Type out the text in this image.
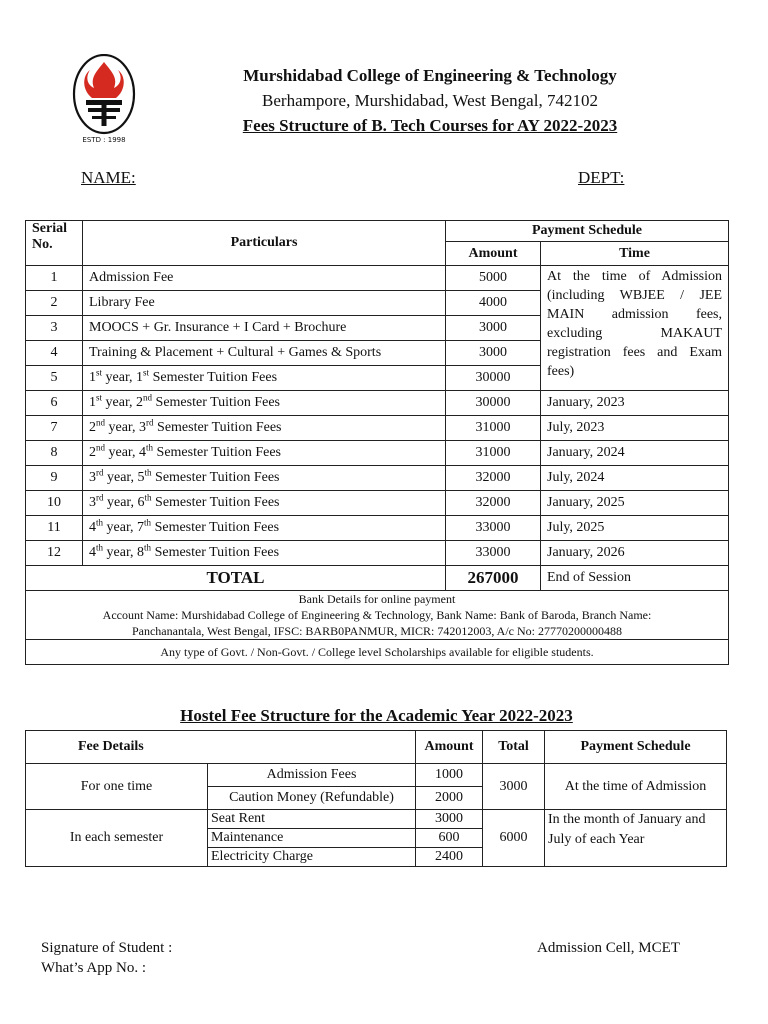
ESTD : 1998
Murshidabad College of Engineering & Technology
Berhampore, Murshidabad, West Bengal, 742102
Fees Structure of B. Tech Courses for AY 2022-2023
NAME:	DEPT:
Serial No.	Particulars	Payment Schedule	
		Amount	Time
1	Admission Fee	5000	At the time of Admission (including WBJEE / JEE MAIN admission fees, excluding MAKAUT registration fees and Exam fees)
2	Library Fee	4000	
3	MOOCS + Gr. Insurance + I Card + Brochure	3000	
4	Training & Placement + Cultural + Games & Sports	3000	
5	1st year, 1st Semester Tuition Fees	30000	
6	1st year, 2nd Semester Tuition Fees	30000	January, 2023
7	2nd year, 3rd Semester Tuition Fees	31000	July, 2023
8	2nd year, 4th Semester Tuition Fees	31000	January, 2024
9	3rd year, 5th Semester Tuition Fees	32000	July, 2024
10	3rd year, 6th Semester Tuition Fees	32000	January, 2025
11	4th year, 7th Semester Tuition Fees	33000	July, 2025
12	4th year, 8th Semester Tuition Fees	33000	January, 2026
TOTAL		267000	End of Session

Bank Details for online payment
Account Name: Murshidabad College of Engineering & Technology, Bank Name: Bank of Baroda, Branch Name:
Panchanantala, West Bengal, IFSC: BARB0PANMUR, MICR: 742012003, A/c No: 27770200000488			

Any type of Govt. / Non-Govt. / College level Scholarships available for eligible students.			
Hostel Fee Structure for the Academic Year 2022-2023
Fee Details		Amount	Total	Payment Schedule
For one time	Admission Fees	1000	3000	At the time of Admission
	Caution Money (Refundable)	2000		
In each semester	Seat Rent	3000	6000	In the month of January and July of each Year
	Maintenance	600		
	Electricity Charge	2400		
Signature of Student :
What’s App No. :
Admission Cell, MCET
